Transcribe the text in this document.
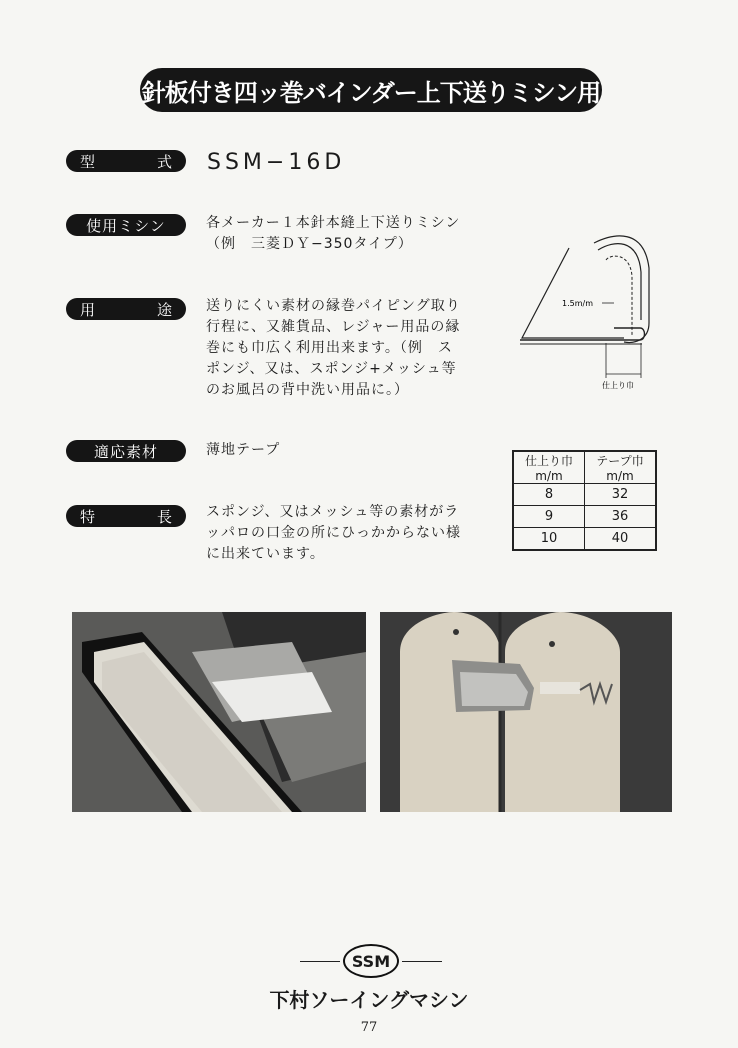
針板付き四ッ巻バインダー上下送りミシン用
型	式 SSM−16D
使用ミシン	各メーカー１本針本縫上下送りミシン
（例　三菱ＤＹ−350タイプ）
用	途 送りにくい素材の縁巻パイピング取り
行程に、又雑貨品、レジャー用品の縁
巻にも巾広く利用出来ます。（例　ス
ポンジ、又は、スポンジ+メッシュ等
のお風呂の背中洗い用品に。）
適応素材	薄地テープ
特	長 スポンジ、又はメッシュ等の素材がラ
ッパロの口金の所にひっかからない様
に出来ています。
1.5m/m
仕上り巾
仕上り巾m/m	テープ巾m/m
8	32
9	36
10	40
SSM
下村ソーイングマシン
77
